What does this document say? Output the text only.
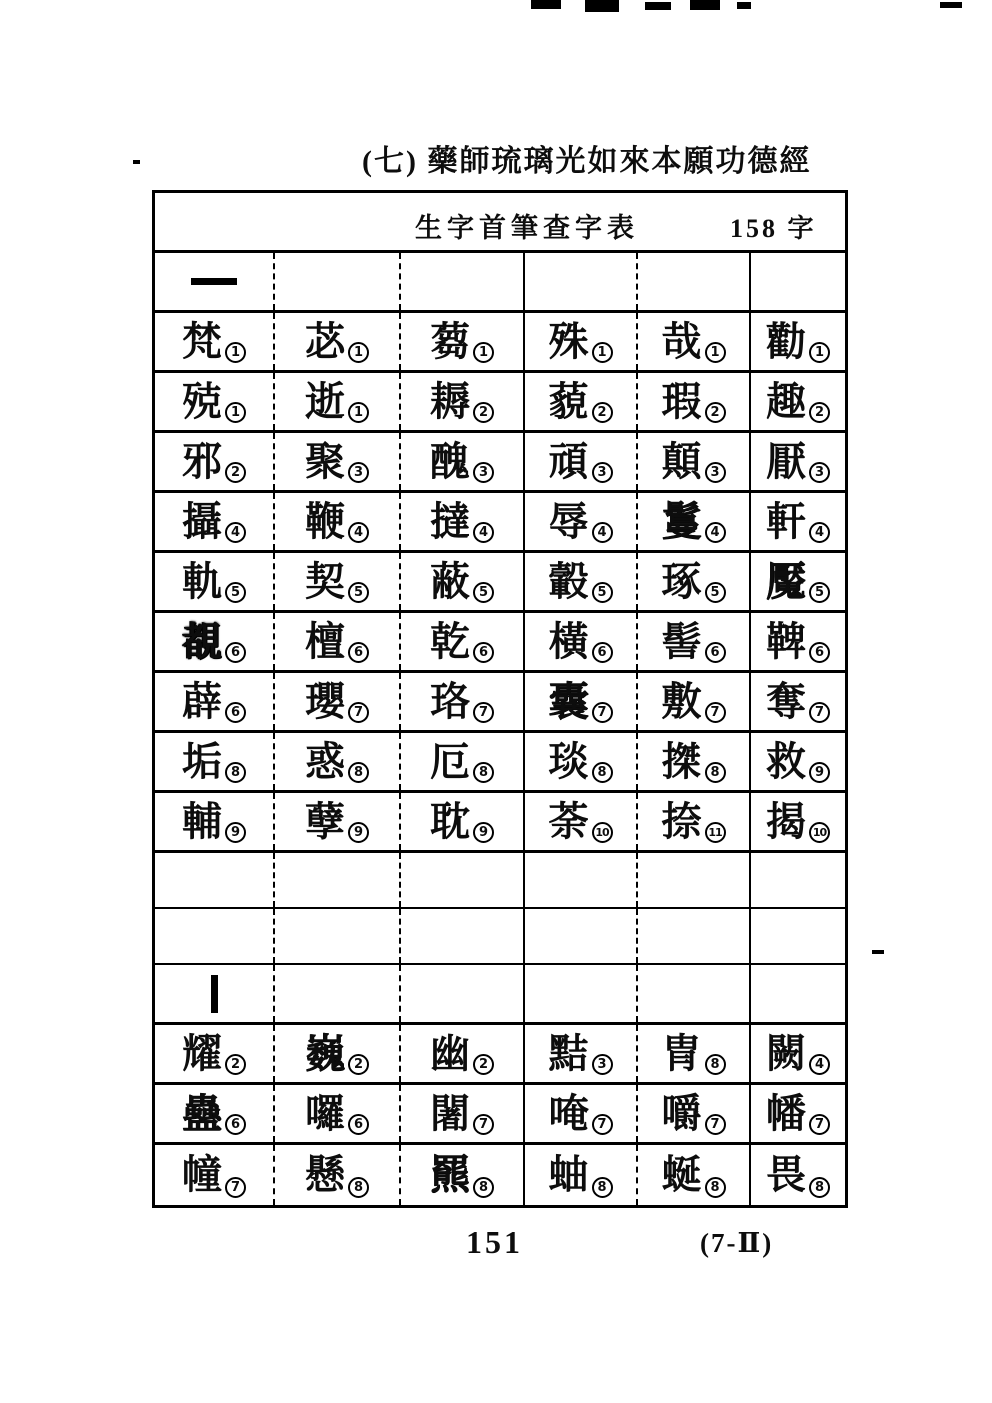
(七) 藥師琉璃光如來本願功德經
生字首筆查字表	158 字
梵 1 苾 1 蒭 1 殊 1 哉 1 勸 1
殑 1 逝 1 耨 2 藐 2 瑕 2 趣 2
邪 2 聚 3 醜 3 頑 3 顛 3 厭 3
攝 4 鞭 4 撻 4 辱 4 鬘 4 軒 4
軌 5 契 5 蔽 5 轂 5 琢 5 魘 5
覩 6 檀 6 乾 6 橫 6 髻 6 鞞 6
薜 6 瓔 7 珞 7 囊 7 敷 7 奪 7
垢 8 惑 8 厄 8 琰 8 搩 8 救 9
輔 9 孽 9 耽 9 荼 10 捺 11 揭 10
耀 2 巍 2 幽 2 黠 3 冑 8 闕 4
蠱 6 囉 6 闍 7 唵 7 嚼 7 幡 7
幢 7 懸 8 羆 8 蚰 8 蜒 8 畏 8
151	(7-Ⅱ)
